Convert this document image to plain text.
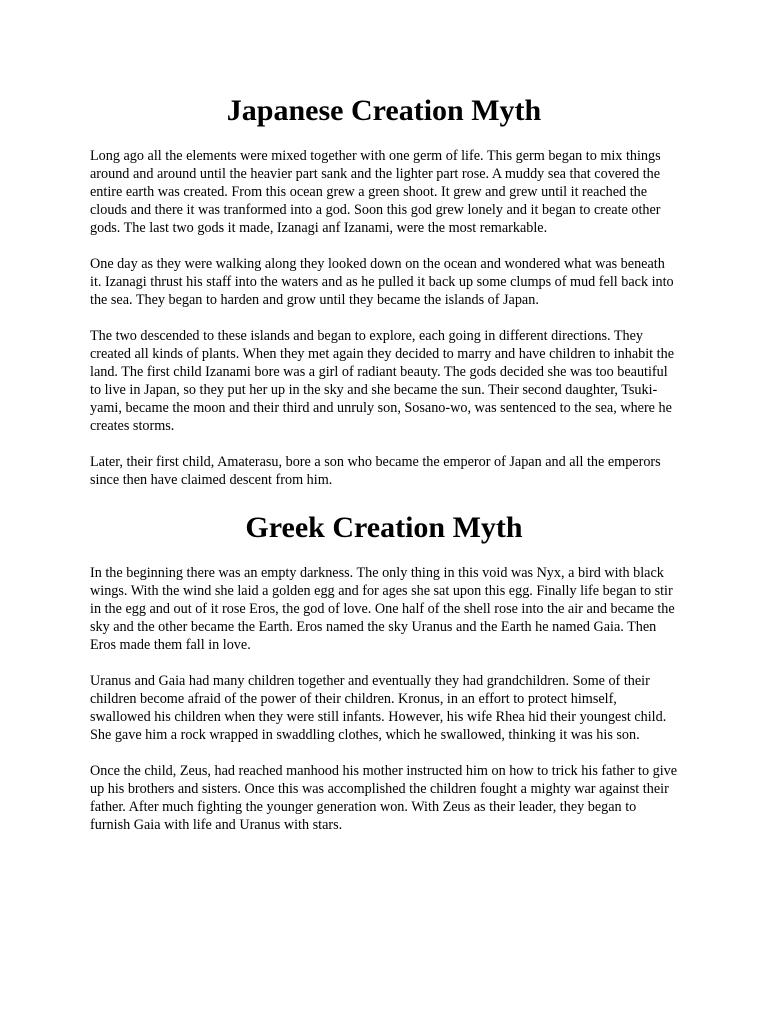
Japanese Creation Myth

Long ago all the elements were mixed together with one germ of life. This germ began to mix things around and around until the heavier part sank and the lighter part rose. A muddy sea that covered the entire earth was created. From this ocean grew a green shoot. It grew and grew until it reached the clouds and there it was tranformed into a god. Soon this god grew lonely and it began to create other gods. The last two gods it made, Izanagi anf Izanami, were the most remarkable.

One day as they were walking along they looked down on the ocean and wondered what was beneath it. Izanagi thrust his staff into the waters and as he pulled it back up some clumps of mud fell back into the sea. They began to harden and grow until they became the islands of Japan.

The two descended to these islands and began to explore, each going in different directions. They created all kinds of plants. When they met again they decided to marry and have children to inhabit the land. The first child Izanami bore was a girl of radiant beauty. The gods decided she was too beautiful to live in Japan, so they put her up in the sky and she became the sun. Their second daughter, Tsuki-yami, became the moon and their third and unruly son, Sosano-wo, was sentenced to the sea, where he creates storms.

Later, their first child, Amaterasu, bore a son who became the emperor of Japan and all the emperors since then have claimed descent from him.

Greek Creation Myth

In the beginning there was an empty darkness. The only thing in this void was Nyx, a bird with black wings. With the wind she laid a golden egg and for ages she sat upon this egg. Finally life began to stir in the egg and out of it rose Eros, the god of love. One half of the shell rose into the air and became the sky and the other became the Earth. Eros named the sky Uranus and the Earth he named Gaia. Then Eros made them fall in love.

Uranus and Gaia had many children together and eventually they had grandchildren. Some of their children become afraid of the power of their children. Kronus, in an effort to protect himself, swallowed his children when they were still infants. However, his wife Rhea hid their youngest child. She gave him a rock wrapped in swaddling clothes, which he swallowed, thinking it was his son.

Once the child, Zeus, had reached manhood his mother instructed him on how to trick his father to give up his brothers and sisters. Once this was accomplished the children fought a mighty war against their father. After much fighting the younger generation won. With Zeus as their leader, they began to furnish Gaia with life and Uranus with stars.
